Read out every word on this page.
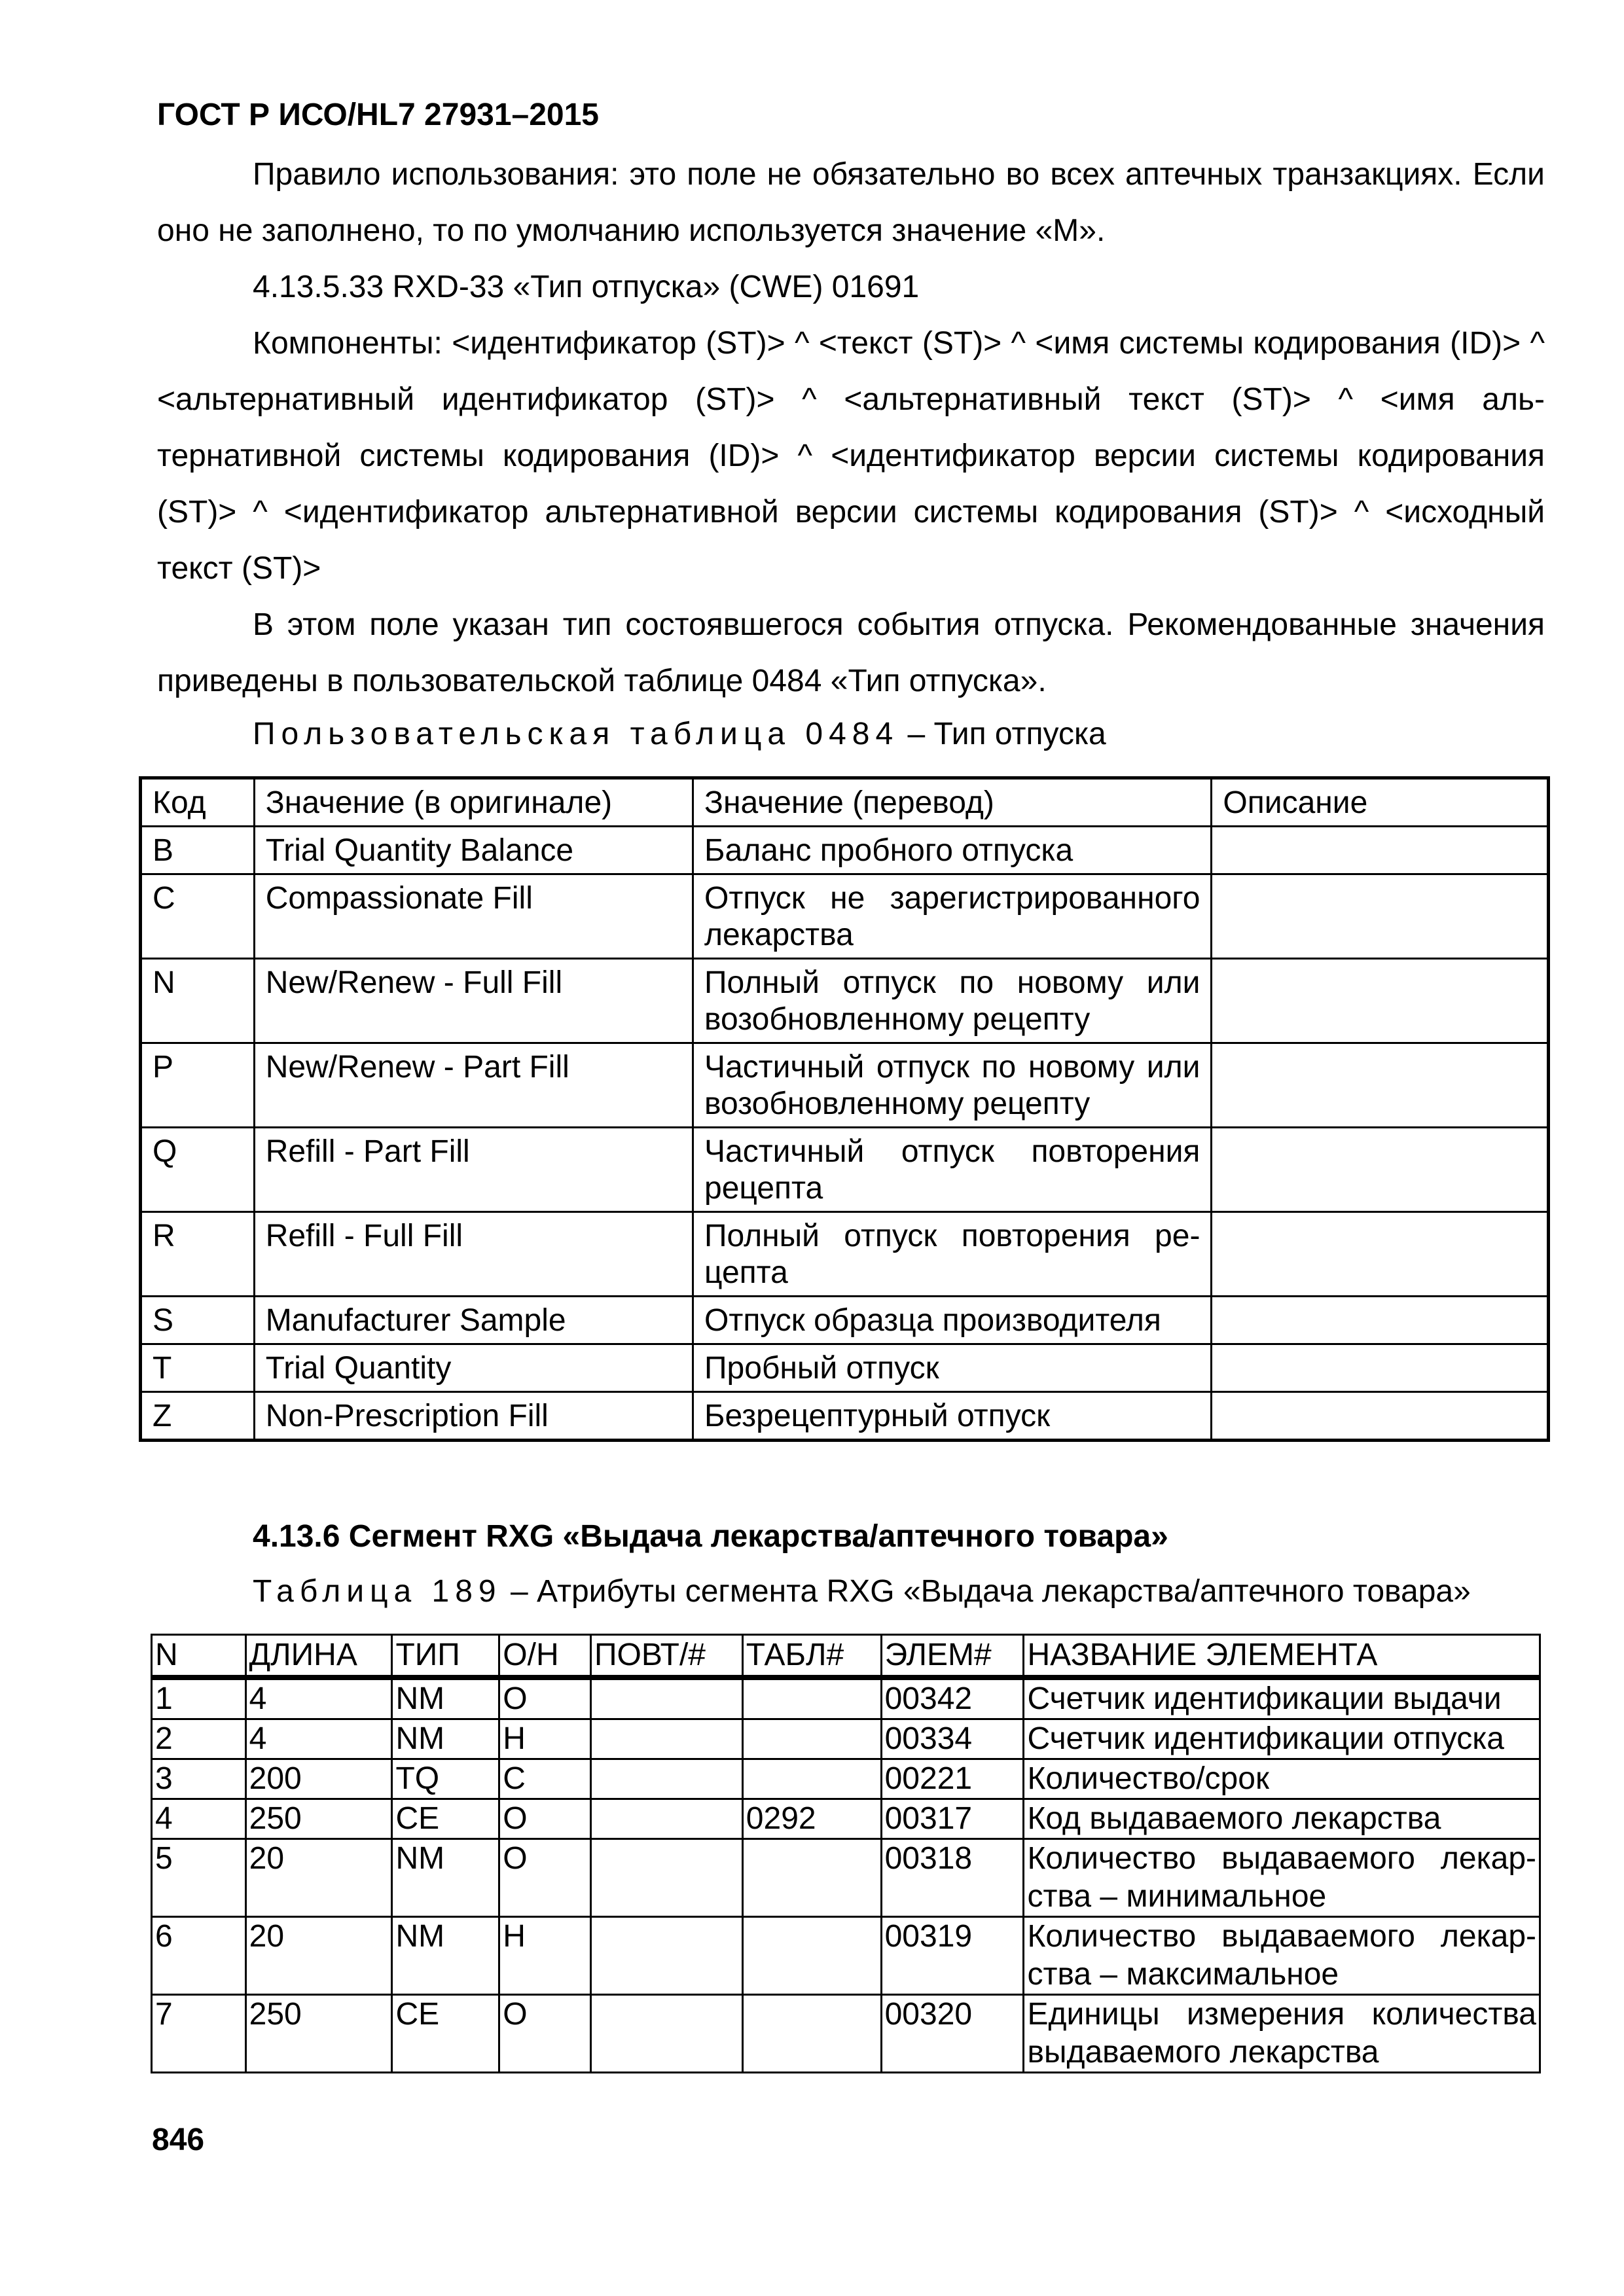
ГОСТ Р ИСО/HL7 27931–2015

Правило использования: это поле не обязательно во всех аптечных транзакциях. Если оно не заполнено, то по умолчанию используется значение «M».

4.13.5.33 RXD-33 «Тип отпуска» (CWE) 01691

Компоненты: <идентификатор (ST)> ^ <текст (ST)> ^ <имя системы кодирования (ID)> ^ <альтернативный идентификатор (ST)> ^ <альтернативный текст (ST)> ^ <имя альтернативной системы кодирования (ID)> ^ <идентификатор версии системы кодирования (ST)> ^ <идентификатор альтернативной версии системы кодирования (ST)> ^ <исходный текст (ST)>

В этом поле указан тип состоявшегося события отпуска. Рекомендованные значения приведены в пользовательской таблице 0484 «Тип отпуска».

Пользовательская таблица 0484 – Тип отпуска
Код	Значение (в оригинале)	Значение (перевод)	Описание
B	Trial Quantity Balance	Баланс пробного отпуска	
C	Compassionate Fill	Отпуск не зарегистрированного лекарства	
N	New/Renew - Full Fill	Полный отпуск по новому или возобновленному рецепту	
P	New/Renew - Part Fill	Частичный отпуск по новому или возобновленному рецепту	
Q	Refill - Part Fill	Частичный отпуск повторения рецепта	
R	Refill - Full Fill	Полный отпуск повторения рецепта	
S	Manufacturer Sample	Отпуск образца производителя	
T	Trial Quantity	Пробный отпуск	
Z	Non-Prescription Fill	Безрецептурный отпуск	
4.13.6 Сегмент RXG «Выдача лекарства/аптечного товара»
Таблица 189 – Атрибуты сегмента RXG «Выдача лекарства/аптечного товара»
N	ДЛИНА	ТИП	О/Н	ПОВТ/#	ТАБЛ#	ЭЛЕМ#	НАЗВАНИЕ ЭЛЕМЕНТА
1	4	NM	O			00342	Счетчик идентификации выдачи
2	4	NM	H			00334	Счетчик идентификации отпуска
3	200	TQ	C			00221	Количество/срок
4	250	CE	O		0292	00317	Код выдаваемого лекарства
5	20	NM	O			00318	Количество выдаваемого лекарства – минимальное
6	20	NM	H			00319	Количество выдаваемого лекарства – максимальное
7	250	CE	O			00320	Единицы измерения количества выдаваемого лекарства
846
